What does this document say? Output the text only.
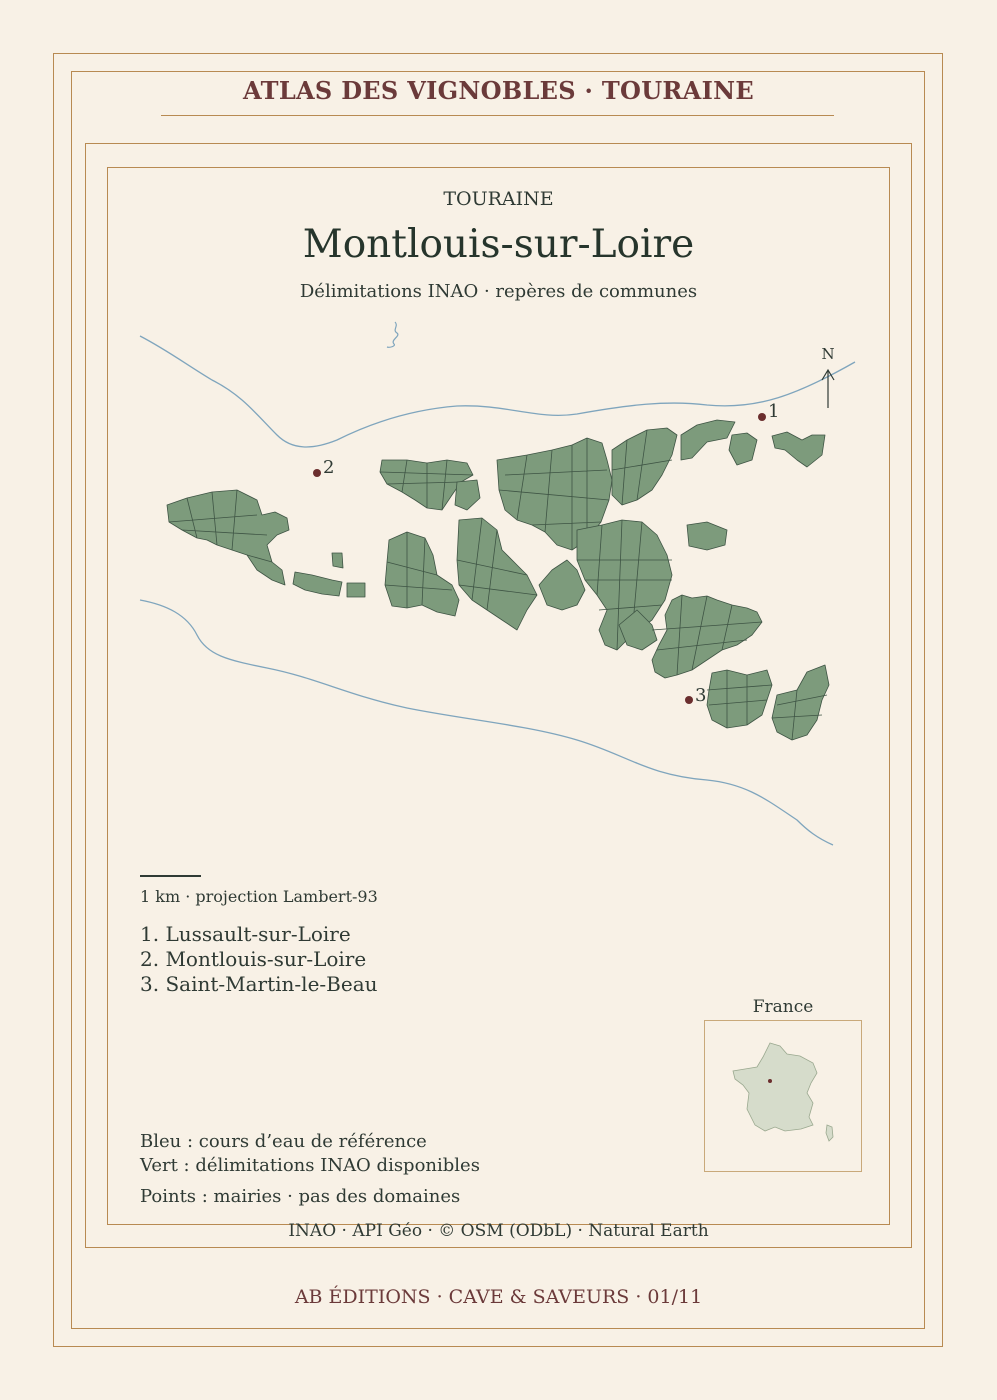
ATLAS DES VIGNOBLES · TOURAINE
TOURAINE
Montlouis-sur-Loire
Délimitations INAO · repères de communes
N
1
2
3
1 km · projection Lambert-93
1. Lussault-sur-Loire
2. Montlouis-sur-Loire
3. Saint-Martin-le-Beau
Bleu : cours d’eau de référence
Vert : délimitations INAO disponibles
Points : mairies · pas des domaines
France
INAO · API Géo · © OSM (ODbL) · Natural Earth
AB ÉDITIONS · CAVE & SAVEURS · 01/11
